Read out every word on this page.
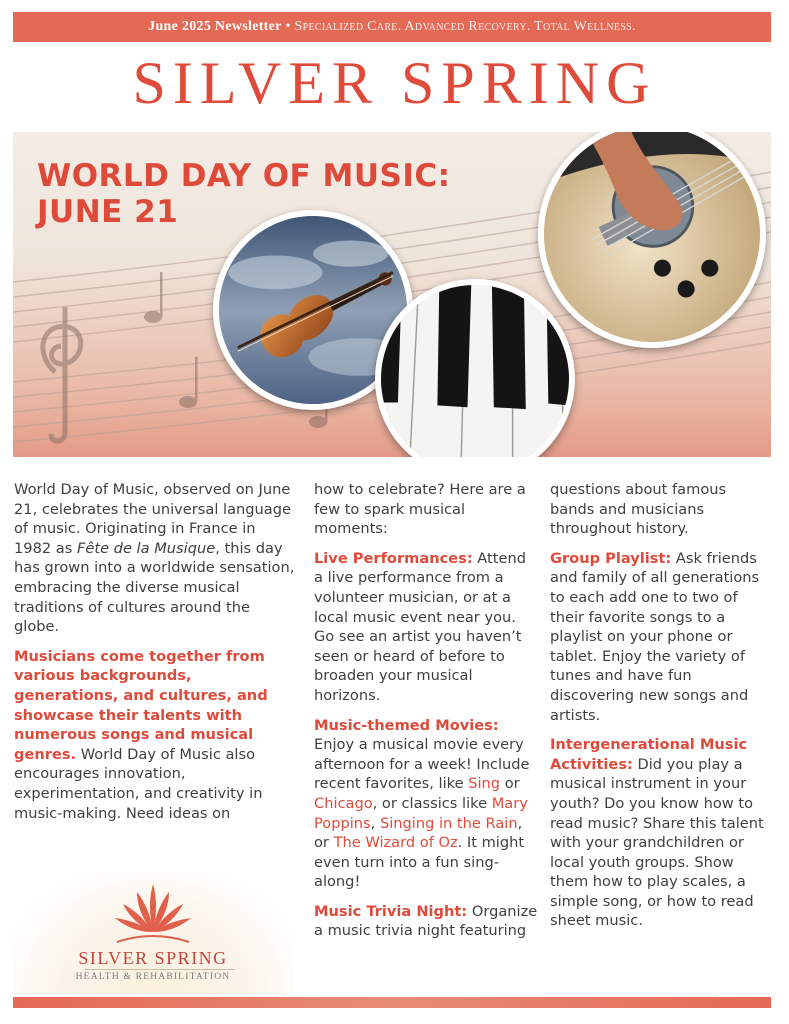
June 2025 Newsletter • Specialized Care. Advanced Recovery. Total Wellness.
SILVER SPRING
WORLD DAY OF MUSIC:
JUNE 21

World Day of Music, observed on June 21, celebrates the universal language of music. Originating in France in 1982 as Fête de la Musique, this day has grown into a worldwide sensation, embracing the diverse musical traditions of cultures around the globe.

Musicians come together from various backgrounds, generations, and cultures, and showcase their talents with numerous songs and musical genres. World Day of Music also encourages innovation, experimentation, and creativity in music-making. Need ideas on

how to celebrate? Here are a few to spark musical moments:

Live Performances: Attend a live performance from a volunteer musician, or at a local music event near you. Go see an artist you haven’t seen or heard of before to broaden your musical horizons.

Music-themed Movies: Enjoy a musical movie every afternoon for a week! Include recent favorites, like Sing or Chicago, or classics like Mary Poppins, Singing in the Rain, or The Wizard of Oz. It might even turn into a fun sing-along!

Music Trivia Night: Organize a music trivia night featuring

questions about famous bands and musicians throughout history.

Group Playlist: Ask friends and family of all generations to each add one to two of their favorite songs to a playlist on your phone or tablet. Enjoy the variety of tunes and have fun discovering new songs and artists.

Intergenerational Music Activities: Did you play a musical instrument in your youth? Do you know how to read music? Share this talent with your grandchildren or local youth groups. Show them how to play scales, a simple song, or how to read sheet music.

SILVER SPRING
HEALTH & REHABILITATION
